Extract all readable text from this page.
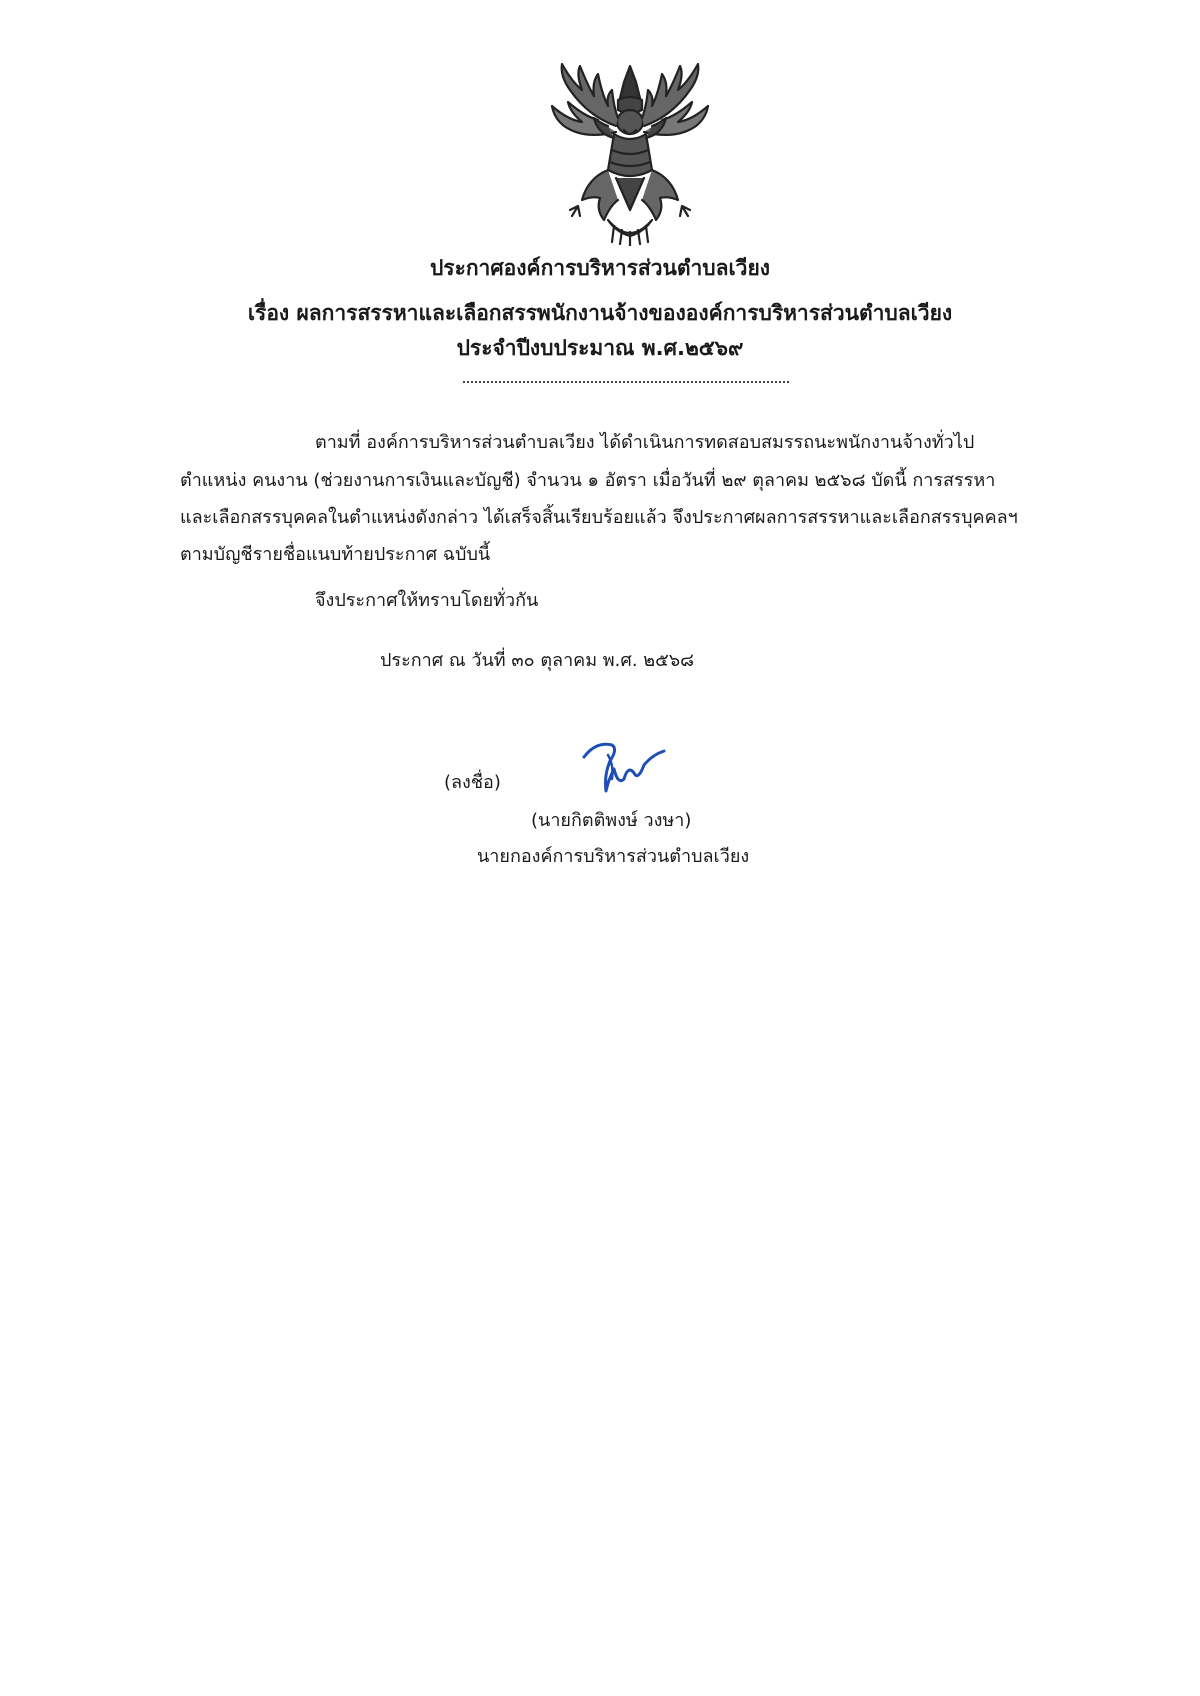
ประกาศองค์การบริหารส่วนตำบลเวียง
เรื่อง ผลการสรรหาและเลือกสรรพนักงานจ้างขององค์การบริหารส่วนตำบลเวียง
ประจำปีงบประมาณ พ.ศ.๒๕๖๙
ตามที่ องค์การบริหารส่วนตำบลเวียง ได้ดำเนินการทดสอบสมรรถนะพนักงานจ้างทั่วไป
ตำแหน่ง คนงาน (ช่วยงานการเงินและบัญชี) จำนวน ๑ อัตรา เมื่อวันที่ ๒๙ ตุลาคม ๒๕๖๘ บัดนี้ การสรรหา
และเลือกสรรบุคคลในตำแหน่งดังกล่าว ได้เสร็จสิ้นเรียบร้อยแล้ว จึงประกาศผลการสรรหาและเลือกสรรบุคคลฯ
ตามบัญชีรายชื่อแนบท้ายประกาศ ฉบับนี้
จึงประกาศให้ทราบโดยทั่วกัน
ประกาศ ณ วันที่ ๓๐ ตุลาคม พ.ศ. ๒๕๖๘
(ลงชื่อ)
(นายกิตติพงษ์ วงษา)
นายกองค์การบริหารส่วนตำบลเวียง
